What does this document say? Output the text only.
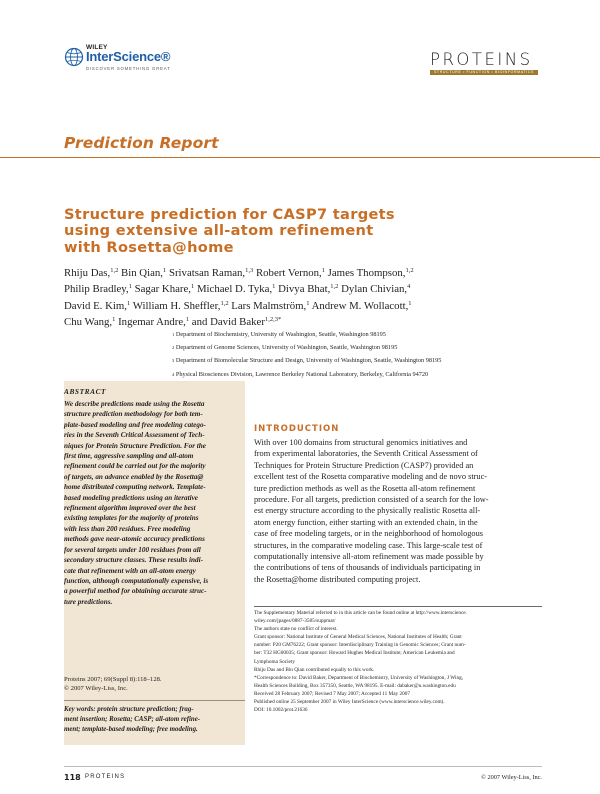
WILEY
InterScience®
DISCOVER SOMETHING GREAT	PROTEINS
STRUCTURE • FUNCTION • BIOINFORMATICS
Prediction Report
Structure prediction for CASP7 targets
using extensive all-atom refinement
with Rosetta@home
Rhiju Das,$^{1,2}$ Bin Qian,$^1$ Srivatsan Raman,$^{1,3}$ Robert Vernon,$^1$ James Thompson,$^{1,2}$
Philip Bradley,$^1$ Sagar Khare,$^1$ Michael D. Tyka,$^1$ Divya Bhat,$^{1,2}$ Dylan Chivian,$^4$
David E. Kim,$^1$ William H. Sheffler,$^{1,2}$ Lars Malmström,$^1$ Andrew M. Wollacott,$^1$
Chu Wang,$^1$ Ingemar Andre,$^1$ and David Baker$^{1,2,3*}$
$^1$ Department of Biochemistry, University of Washington, Seattle, Washington 98195
$^2$ Department of Genome Sciences, University of Washington, Seattle, Washington 98195
$^3$ Department of Biomolecular Structure and Design, University of Washington, Seattle, Washington 98195
$^4$ Physical Biosciences Division, Lawrence Berkeley National Laboratory, Berkeley, California 94720
ABSTRACT
We describe predictions made using the Rosetta
structure prediction methodology for both tem-
plate-based modeling and free modeling catego-
ries in the Seventh Critical Assessment of Tech-
niques for Protein Structure Prediction. For the
first time, aggressive sampling and all-atom
refinement could be carried out for the majority
of targets, an advance enabled by the Rosetta@
home distributed computing network. Template-
based modeling predictions using an iterative
refinement algorithm improved over the best
existing templates for the majority of proteins
with less than 200 residues. Free modeling
methods gave near-atomic accuracy predictions
for several targets under 100 residues from all
secondary structure classes. These results indi-
cate that refinement with an all-atom energy
function, although computationally expensive, is
a powerful method for obtaining accurate struc-
ture predictions.
Proteins 2007; 69(Suppl 8):118–128.
© 2007 Wiley-Liss, Inc.
Key words: protein structure prediction; frag-
ment insertion; Rosetta; CASP; all-atom refine-
ment; template-based modeling; free modeling.
INTRODUCTION
With over 100 domains from structural genomics initiatives and
from experimental laboratories, the Seventh Critical Assessment of
Techniques for Protein Structure Prediction (CASP7) provided an
excellent test of the Rosetta comparative modeling and de novo struc-
ture prediction methods as well as the Rosetta all-atom refinement
procedure. For all targets, prediction consisted of a search for the low-
est energy structure according to the physically realistic Rosetta all-
atom energy function, either starting with an extended chain, in the
case of free modeling targets, or in the neighborhood of homologous
structures, in the comparative modeling case. This large-scale test of
computationally intensive all-atom refinement was made possible by
the contributions of tens of thousands of individuals participating in
the Rosetta@home distributed computing project.
The Supplementary Material referred to in this article can be found online at http://www.interscience.
wiley.com/jpages/0887-3585/suppmat/
The authors state no conflict of interest.
Grant sponsor: National Institute of General Medical Sciences, National Institutes of Health; Grant
number: P20 GM76222; Grant sponsor: Interdisciplinary Training in Genomic Sciences; Grant num-
ber: T32 HG00035; Grant sponsor: Howard Hughes Medical Institute; American Leukemia and
Lymphoma Society
Rhiju Das and Bin Qian contributed equally to this work.
*Correspondence to: David Baker, Department of Biochemistry, University of Washington, J Wing,
Health Sciences Building, Box 357350, Seattle, WA 98195. E-mail: dabaker@u.washington.edu
Received 28 February 2007; Revised 7 May 2007; Accepted 11 May 2007
Published online 25 September 2007 in Wiley InterScience (www.interscience.wiley.com).
DOI: 10.1002/prot.21636
118 PROTEINS	© 2007 Wiley-Liss, Inc.
